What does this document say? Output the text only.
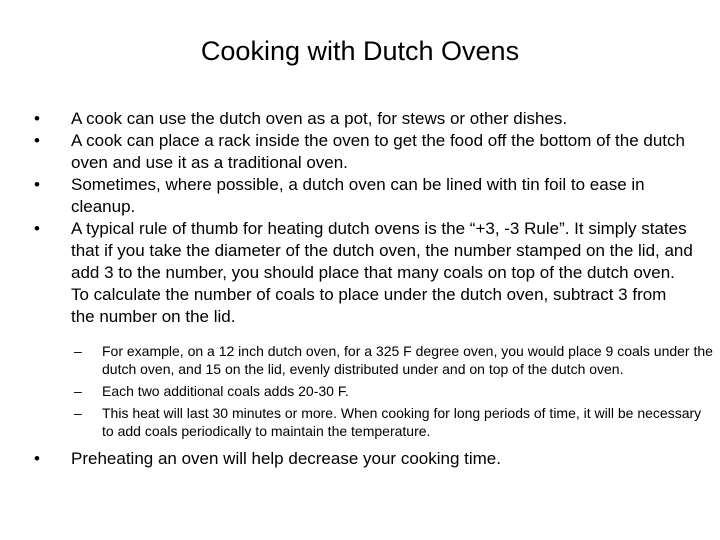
Cooking with Dutch Ovens
•	A cook can use the dutch oven as a pot, for stews or other dishes.
•	A cook can place a rack inside the oven to get the food off the bottom of the dutch oven and use it as a traditional oven.
•	Sometimes, where possible, a dutch oven can be lined with tin foil to ease in cleanup.
•	A typical rule of thumb for heating dutch ovens is the “+3, -3 Rule”. It simply states that if you take the diameter of the dutch oven, the number stamped on the lid, and add 3 to the number, you should place that many coals on top of the dutch oven. To calculate the number of coals to place under the dutch oven, subtract 3 from the number on the lid.
– For example, on a 12 inch dutch oven, for a 325 F degree oven, you would place 9 coals under the dutch oven, and 15 on the lid, evenly distributed under and on top of the dutch oven.
– Each two additional coals adds 20-30 F.
– This heat will last 30 minutes or more. When cooking for long periods of time, it will be necessary to add coals periodically to maintain the temperature.
•	Preheating an oven will help decrease your cooking time.
